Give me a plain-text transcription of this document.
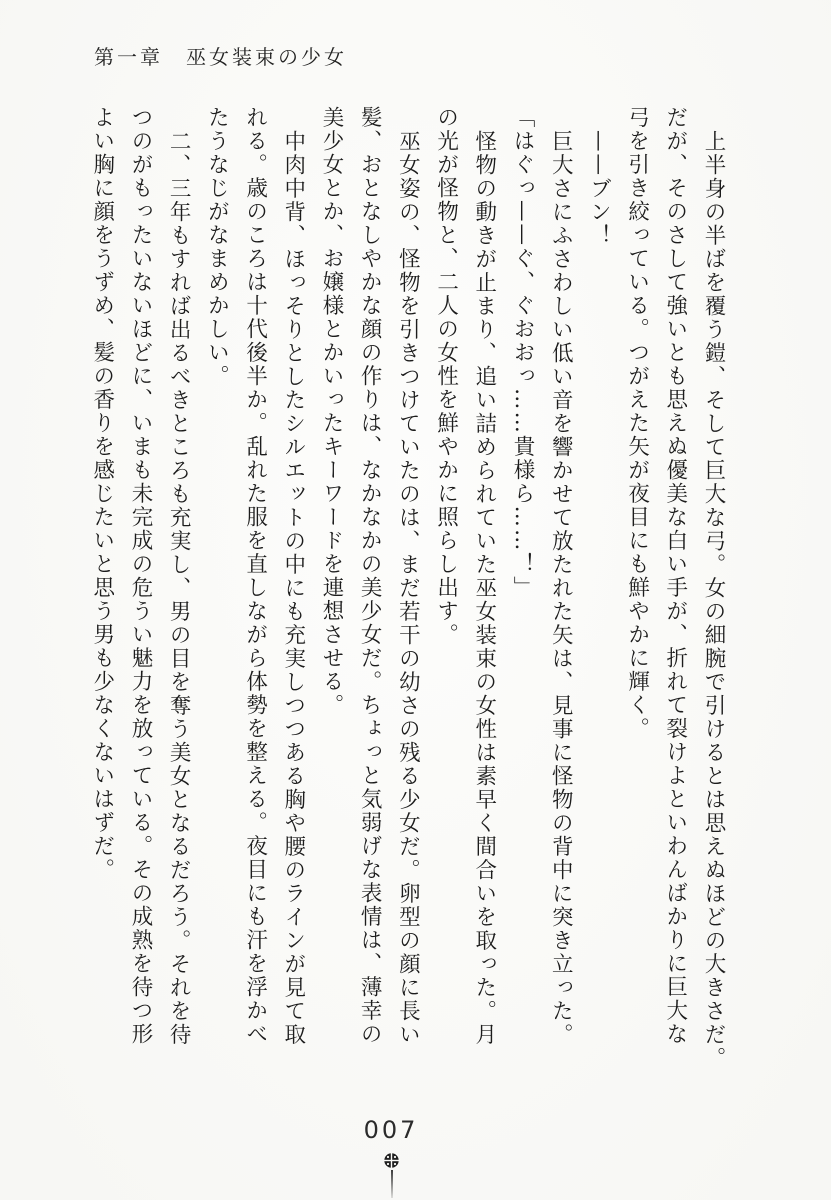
第一章　巫女装束の少女

上半身の半ばを覆う鎧、そして巨大な弓。女の細腕で引けるとは思えぬほどの大きさだ。

だが、そのさして強いとも思えぬ優美な白い手が、折れて裂けよといわんばかりに巨大な

弓を引き絞っている。つがえた矢が夜目にも鮮やかに輝く。

——ブン！

巨大さにふさわしい低い音を響かせて放たれた矢は、見事に怪物の背中に突き立った。

「はぐっ——ぐ、ぐおおっ……貴様ら……！」

怪物の動きが止まり、追い詰められていた巫女装束の女性は素早く間合いを取った。月

の光が怪物と、二人の女性を鮮やかに照らし出す。

巫女姿の、怪物を引きつけていたのは、まだ若干の幼さの残る少女だ。卵型の顔に長い

髪、おとなしやかな顔の作りは、なかなかの美少女だ。ちょっと気弱げな表情は、薄幸の

美少女とか、お嬢様とかいったキーワードを連想させる。

中肉中背、ほっそりとしたシルエットの中にも充実しつつある胸や腰のラインが見て取

れる。歳のころは十代後半か。乱れた服を直しながら体勢を整える。夜目にも汗を浮かべ

たうなじがなまめかしい。

二、三年もすれば出るべきところも充実し、男の目を奪う美女となるだろう。それを待

つのがもったいないほどに、いまも未完成の危うい魅力を放っている。その成熟を待つ形

よい胸に顔をうずめ、髪の香りを感じたいと思う男も少なくないはずだ。

007
